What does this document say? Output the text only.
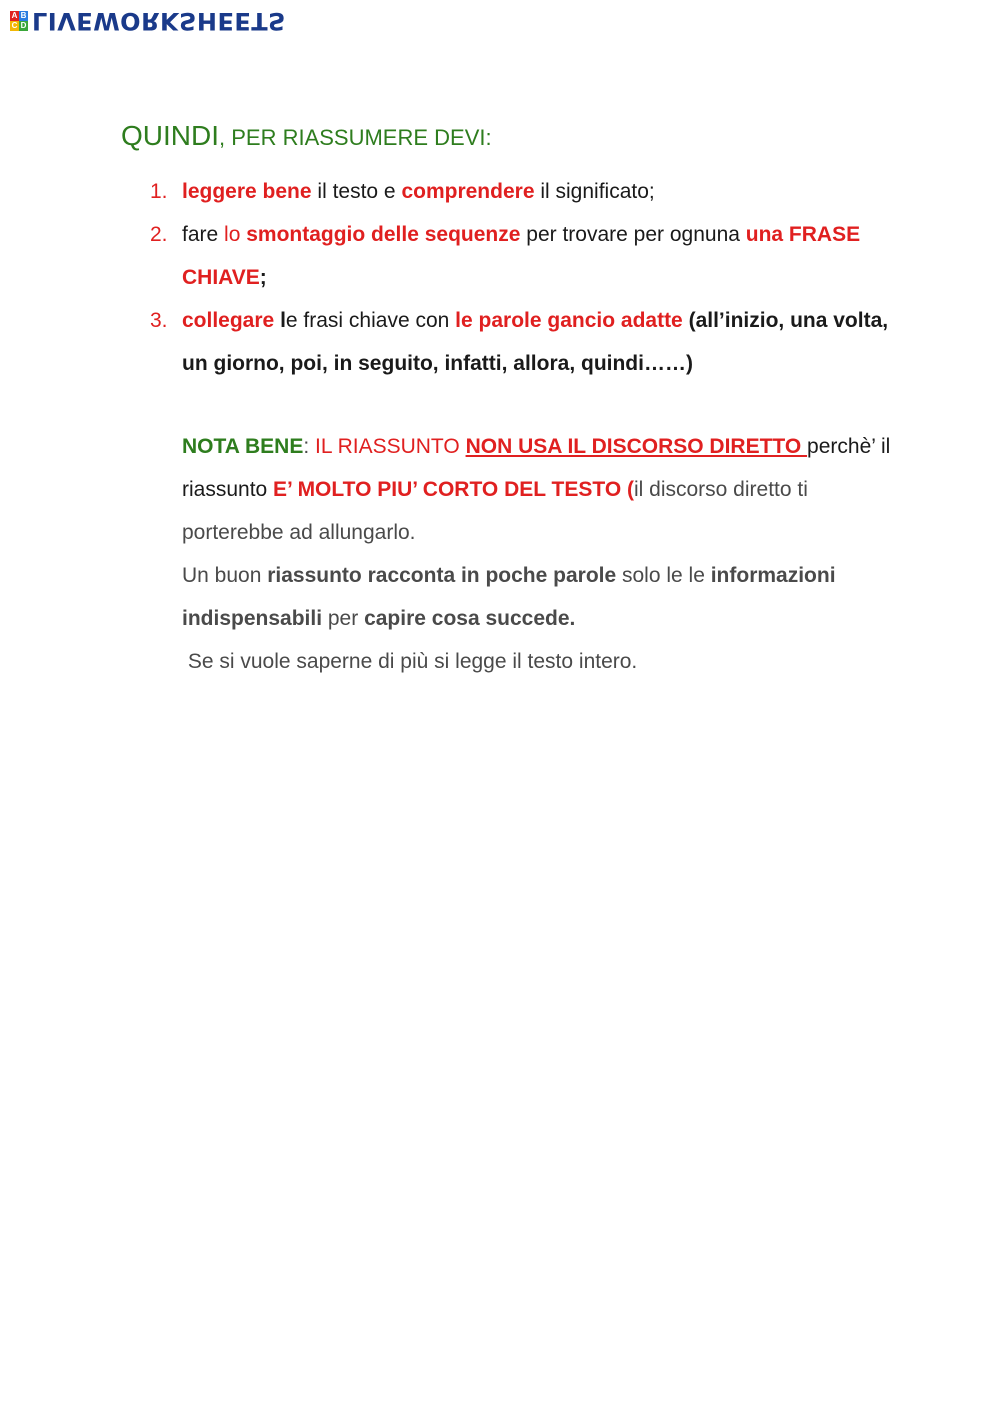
A B
C D LIVEWORKSHEETS
QUINDI, PER RIASSUMERE DEVI:
1. leggere bene il testo e comprendere il significato;
2. fare lo smontaggio delle sequenze per trovare per ognuna una FRASE CHIAVE;
3. collegare le frasi chiave con le parole gancio adatte (all’inizio, una volta, un giorno, poi, in seguito, infatti, allora, quindi……)

NOTA BENE: IL RIASSUNTO NON USA IL DISCORSO DIRETTO perchè’ il riassunto E’ MOLTO PIU’ CORTO DEL TESTO (il discorso diretto ti porterebbe ad allungarlo.

Un buon riassunto racconta in poche parole solo le le informazioni indispensabili per capire cosa succede.

Se si vuole saperne di più si legge il testo intero.
